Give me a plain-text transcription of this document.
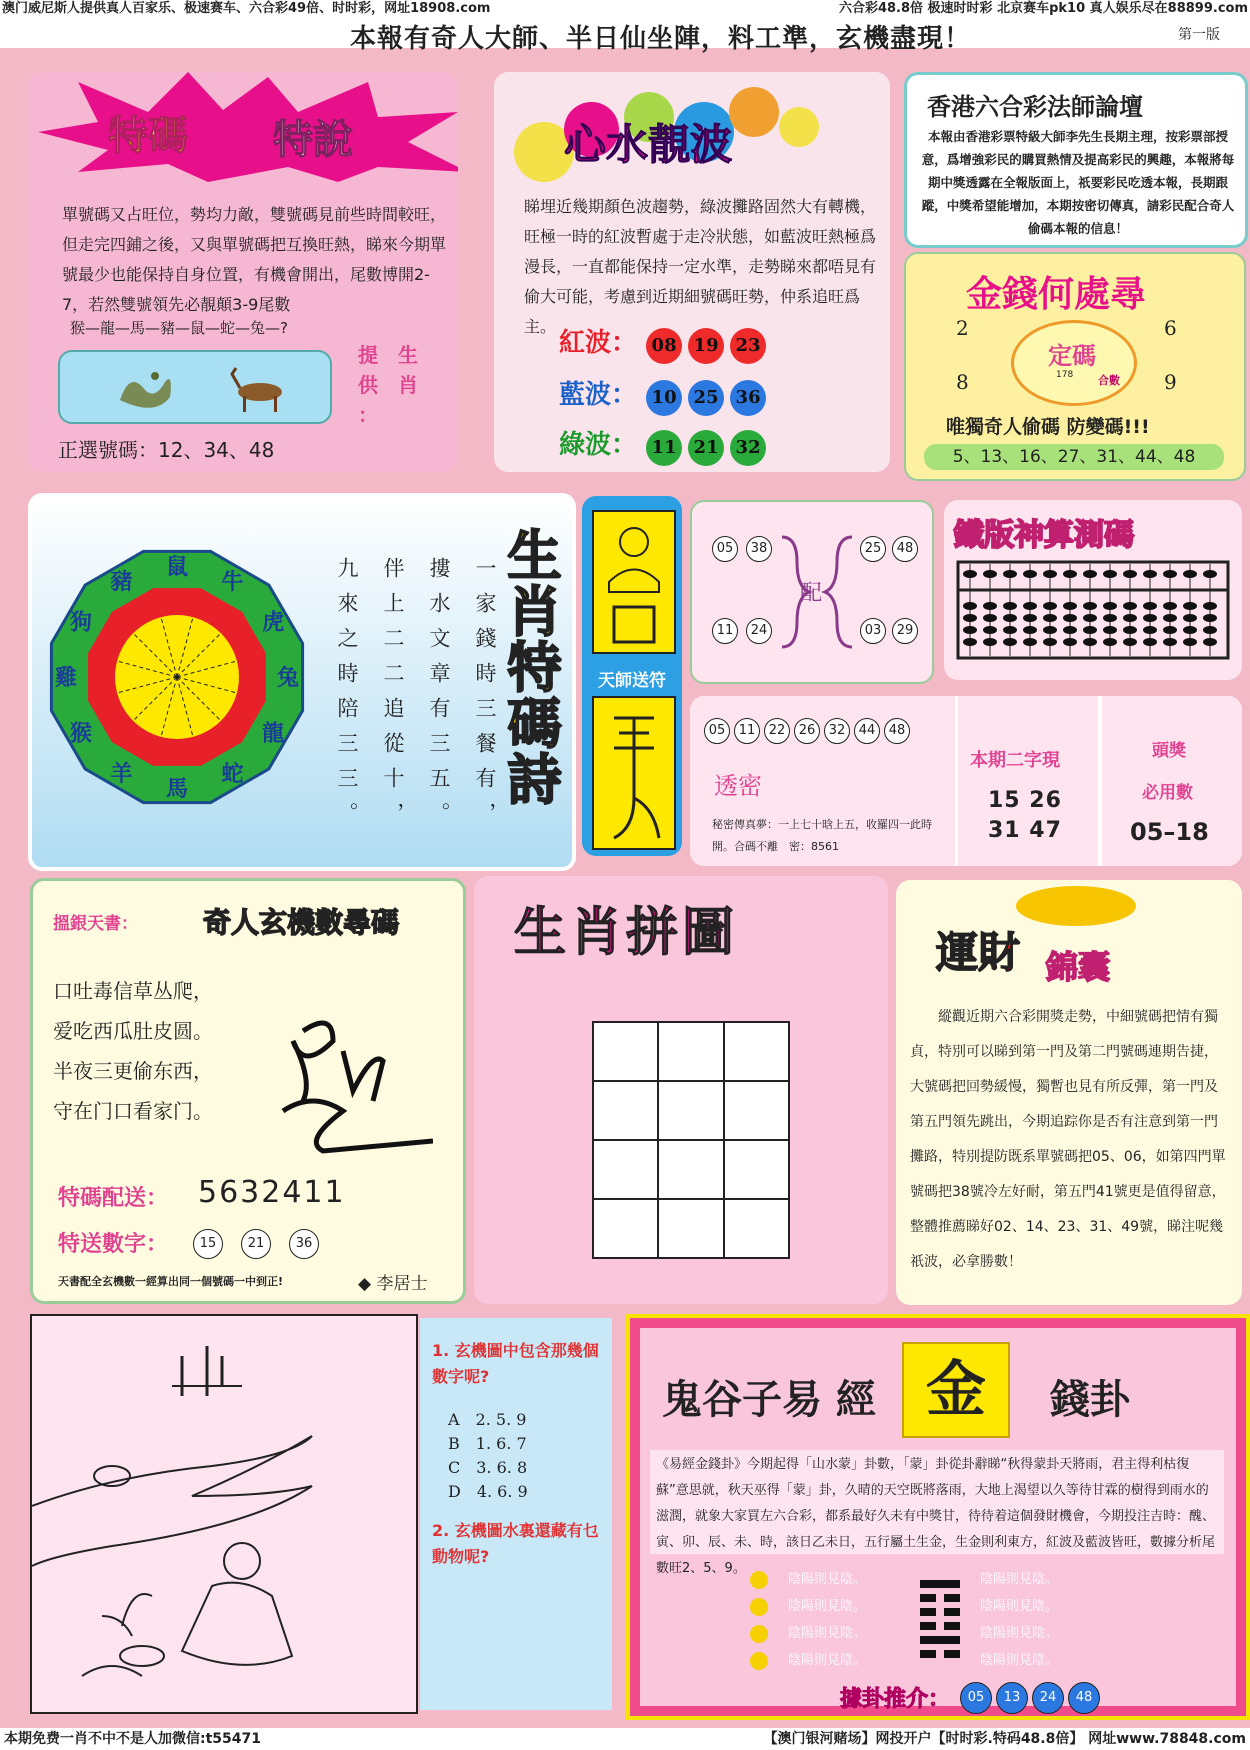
澳门威尼斯人提供真人百家乐、极速赛车、六合彩49倍、时时彩，网址18908.com	六合彩48.8倍 极速时时彩 北京赛车pk10 真人娱乐尽在88899.com
本報有奇人大師、半日仙坐陣，料工準，玄機盡現！	第一版
特碼 特說
單號碼又占旺位，勢均力敵，雙號碼見前些時間較旺，但走完四鋪之後，又與單號碼把互換旺熱，睇來今期單號最少也能保持自身位置，有機會開出，尾數博開2-7，若然雙號領先必靚顛3-9尾數
猴—龍—馬—豬—鼠—蛇—兔—?
提　生
供　肖
：
正選號碼：12、34、48
心水靚波
睇埋近幾期顏色波趨勢，綠波攤路固然大有轉機，旺極一時的紅波暫處于走冷狀態，如藍波旺熱極爲漫長，一直都能保持一定水準，走勢睇來都唔見有偷大可能，考慮到近期細號碼旺勢，仲系追旺爲主。
紅波： 08 19 23
藍波： 10 25 36
綠波： 11 21 32
香港六合彩法師論壇
本報由香港彩票特級大師李先生長期主理，按彩票部授意，爲增強彩民的購買熱情及提高彩民的興趣，本報將每期中獎透露在全報版面上，祇要彩民吃透本報，長期跟蹤，中獎希望能增加，本期按密切傳真，請彩民配合奇人偷碼本報的信息！
金錢何處尋
2	6
8	9
定碼
178 合數
唯獨奇人偷碼 防變碼!!!
5、13、16、27、31、44、48
鼠
牛
虎
兔
龍
蛇
馬
羊
猴
雞
狗
豬	一家錢時三餐有，
摟水文章有三五。
伴上二二追從十，
九來之時陪三三。	生肖特碼詩	天師送符
05	38
11	24
配
25	48
03	29
鐵版神算測碼
05 11 22 26 32 44 48
透密
秘密傳真夢：一上七十晗上五，收羅四一此時開。合碼不離　密：8561
本期二字現
15 26
31 47
頭獎
必用數
05–18
搵銀天書： 奇人玄機數尋碼
口吐毒信草丛爬，
爱吃西瓜肚皮圆。
半夜三更偷东西，
守在门口看家门。
特碼配送： 5632411
特送數字：	15	21	36
天書配全玄機數一經算出同一個號碼一中到正!	◆ 李居士
生肖拼圖	運財 錦囊
縱觀近期六合彩開獎走勢，中細號碼把情有獨貞，特別可以睇到第一門及第二門號碼連期告捷，大號碼把回勢緩慢，獨暫也見有所反彈，第一門及第五門領先跳出，今期追踪你是否有注意到第一門攤路，特別提防既系單號碼把05、06，如第四門單號碼把38號冷左好耐，第五門41號更是值得留意，整體推薦睇好02、14、23、31、49號，睇注呢幾祇波，必拿勝數！
1. 玄機圖中包含那幾個數字呢?
A　2. 5. 9
B　1. 6. 7
C　3. 6. 8
D　4. 6. 9
2. 玄機圖水裏還藏有乜動物呢?
鬼谷子易 經 金	錢卦
《易經金錢卦》今期起得「山水蒙」卦數，「蒙」卦從卦辭睇“秋得蒙卦天將雨，君主得利枯復蘇”意思就，秋天巫得「蒙」卦，久晴的天空既將落雨，大地上渴望以久等待甘霖的樹得到雨水的滋潤，就象大家買左六合彩，都系最好久未有中獎甘，待待着這個發財機會，今期投注吉時：醜、寅、卯、辰、未、時，該日乙未日，五行屬土生金，生金則利東方，紅波及藍波皆旺，數據分析尾數旺2、5、9。
陰陽則見陰。
陰陽則見陰。
陰陽則見陰。
陰陽則見陰。
陰陽則見陰。
陰陽則見陰。
陰陽則見陰。
陰陽則見陰。
據卦推介：	05	13	24	48
本期免费一肖不中不是人加微信:t55471	【澳门银河赌场】网投开户【时时彩.特码48.8倍】 网址www.78848.com
